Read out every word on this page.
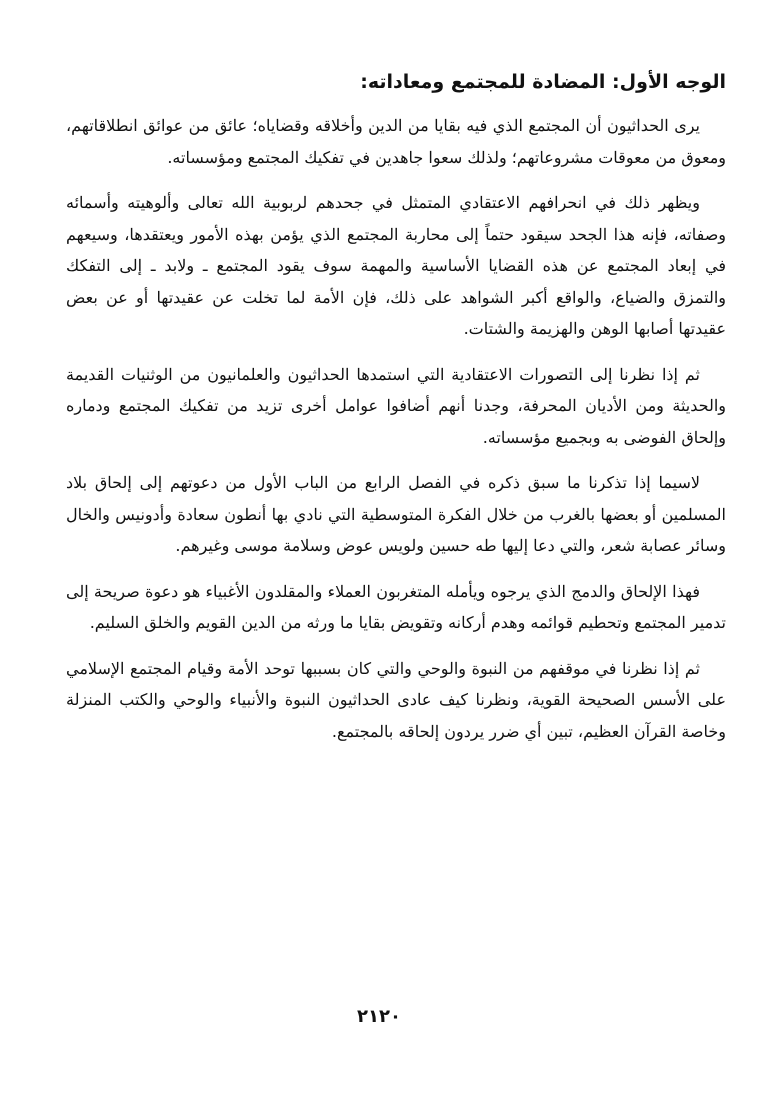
الوجه الأول: المضادة للمجتمع ومعاداته:

يرى الحداثيون أن المجتمع الذي فيه بقايا من الدين وأخلاقه وقضاياه؛ عائق من عوائق انطلاقاتهم، ومعوق من معوقات مشروعاتهم؛ ولذلك سعوا جاهدين في تفكيك المجتمع ومؤسساته.

ويظهر ذلك في انحرافهم الاعتقادي المتمثل في جحدهم لربوبية الله تعالى وألوهيته وأسمائه وصفاته، فإنه هذا الجحد سيقود حتماً إلى محاربة المجتمع الذي يؤمن بهذه الأمور ويعتقدها، وسيعهم في إبعاد المجتمع عن هذه القضايا الأساسية والمهمة سوف يقود المجتمع ـ ولابد ـ إلى التفكك والتمزق والضياع، والواقع أكبر الشواهد على ذلك، فإن الأمة لما تخلت عن عقيدتها أو عن بعض عقيدتها أصابها الوهن والهزيمة والشتات.

ثم إذا نظرنا إلى التصورات الاعتقادية التي استمدها الحداثيون والعلمانيون من الوثنيات القديمة والحديثة ومن الأديان المحرفة، وجدنا أنهم أضافوا عوامل أخرى تزيد من تفكيك المجتمع ودماره وإلحاق الفوضى به وبجميع مؤسساته.

لاسيما إذا تذكرنا ما سبق ذكره في الفصل الرابع من الباب الأول من دعوتهم إلى إلحاق بلاد المسلمين أو بعضها بالغرب من خلال الفكرة المتوسطية التي نادي بها أنطون سعادة وأدونيس والخال وسائر عصابة شعر، والتي دعا إليها طه حسين ولويس عوض وسلامة موسى وغيرهم.

فهذا الإلحاق والدمج الذي يرجوه ويأمله المتغربون العملاء والمقلدون الأغبياء هو دعوة صريحة إلى تدمير المجتمع وتحطيم قوائمه وهدم أركانه وتقويض بقايا ما ورثه من الدين القويم والخلق السليم.

ثم إذا نظرنا في موقفهم من النبوة والوحي والتي كان بسببها توحد الأمة وقيام المجتمع الإسلامي على الأسس الصحيحة القوية، ونظرنا كيف عادى الحداثيون النبوة والأنبياء والوحي والكتب المنزلة وخاصة القرآن العظيم، تبين أي ضرر يردون إلحاقه بالمجتمع.

٢١٢٠
